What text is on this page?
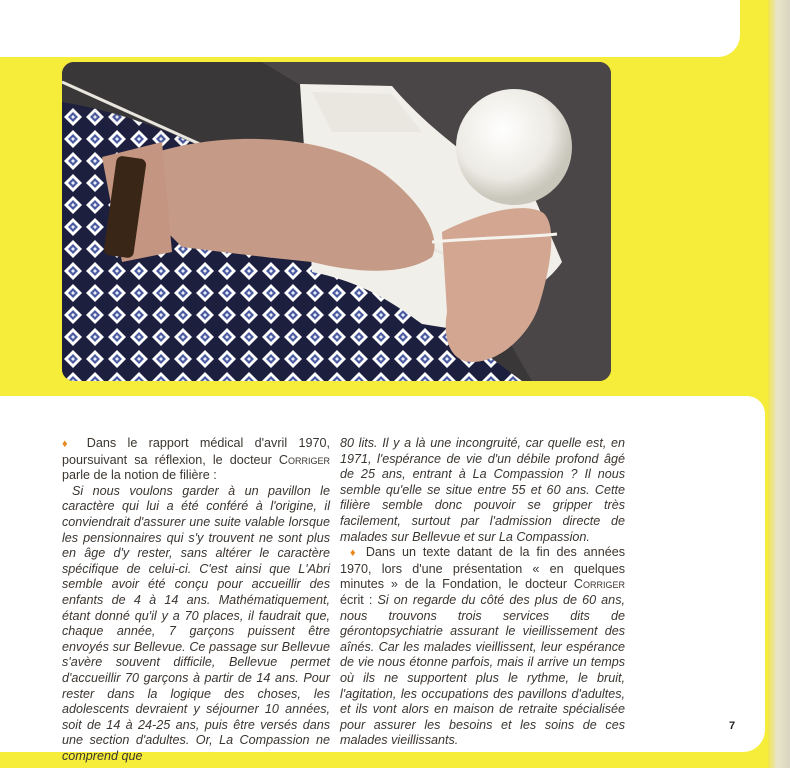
♦ Dans le rapport médical d'avril 1970, poursuivant sa réflexion, le docteur Corriger parle de la notion de filière :

Si nous voulons garder à un pavillon le caractère qui lui a été conféré à l'origine, il conviendrait d'assurer une suite valable lorsque les pensionnaires qui s'y trouvent ne sont plus en âge d'y rester, sans altérer le caractère spécifique de celui-ci. C'est ainsi que L'Abri semble avoir été conçu pour accueillir des enfants de 4 à 14 ans. Mathématiquement, étant donné qu'il y a 70 places, il faudrait que, chaque année, 7 garçons puissent être envoyés sur Bellevue. Ce passage sur Bellevue s'avère souvent difficile, Bellevue permet d'accueillir 70 garçons à partir de 14 ans. Pour rester dans la logique des choses, les adolescents devraient y séjourner 10 années, soit de 14 à 24-25 ans, puis être versés dans une section d'adultes. Or, La Compassion ne comprend que

80 lits. Il y a là une incongruité, car quelle est, en 1971, l'espérance de vie d'un débile profond âgé de 25 ans, entrant à La Compassion ? Il nous semble qu'elle se situe entre 55 et 60 ans. Cette filière semble donc pouvoir se gripper très facilement, surtout par l'admission directe de malades sur Bellevue et sur La Compassion.

♦ Dans un texte datant de la fin des années 1970, lors d'une présentation « en quelques minutes » de la Fondation, le docteur Corriger écrit : Si on regarde du côté des plus de 60 ans, nous trouvons trois services dits de gérontopsychiatrie assurant le vieillissement des aînés. Car les malades vieillissent, leur espérance de vie nous étonne parfois, mais il arrive un temps où ils ne supportent plus le rythme, le bruit, l'agitation, les occupations des pavillons d'adultes, et ils vont alors en maison de retraite spécialisée pour assurer les besoins et les soins de ces malades vieillissants.

7
